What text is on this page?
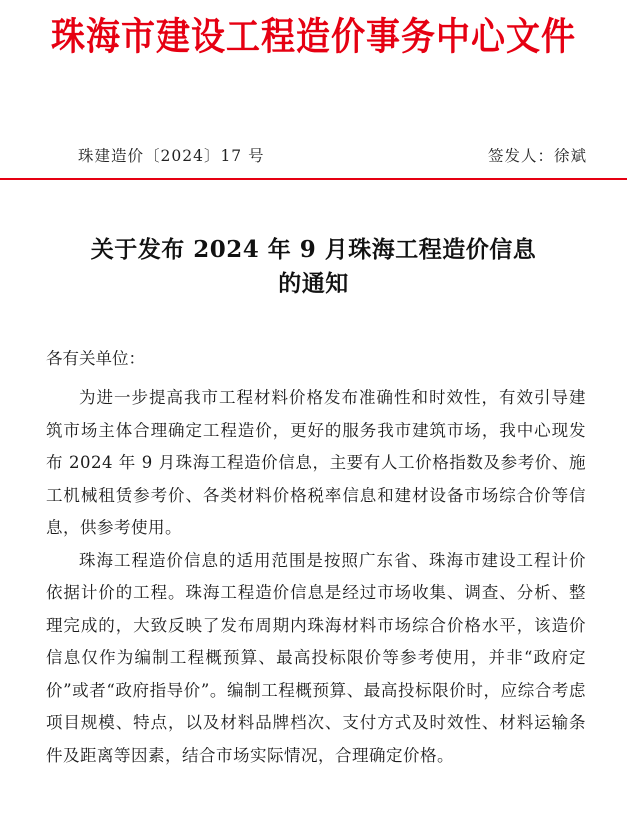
珠海市建设工程造价事务中心文件
珠建造价〔2024〕17 号	签发人：徐斌
关于发布 2024 年 9 月珠海工程造价信息
的通知
各有关单位：

为进一步提高我市工程材料价格发布准确性和时效性，有效引导建筑市场主体合理确定工程造价，更好的服务我市建筑市场，我中心现发布 2024 年 9 月珠海工程造价信息，主要有人工价格指数及参考价、施工机械租赁参考价、各类材料价格税率信息和建材设备市场综合价等信息，供参考使用。

珠海工程造价信息的适用范围是按照广东省、珠海市建设工程计价依据计价的工程。珠海工程造价信息是经过市场收集、调查、分析、整理完成的，大致反映了发布周期内珠海材料市场综合价格水平，该造价信息仅作为编制工程概预算、最高投标限价等参考使用，并非“政府定价”或者“政府指导价”。编制工程概预算、最高投标限价时，应综合考虑项目规模、特点，以及材料品牌档次、支付方式及时效性、材料运输条件及距离等因素，结合市场实际情况，合理确定价格。
